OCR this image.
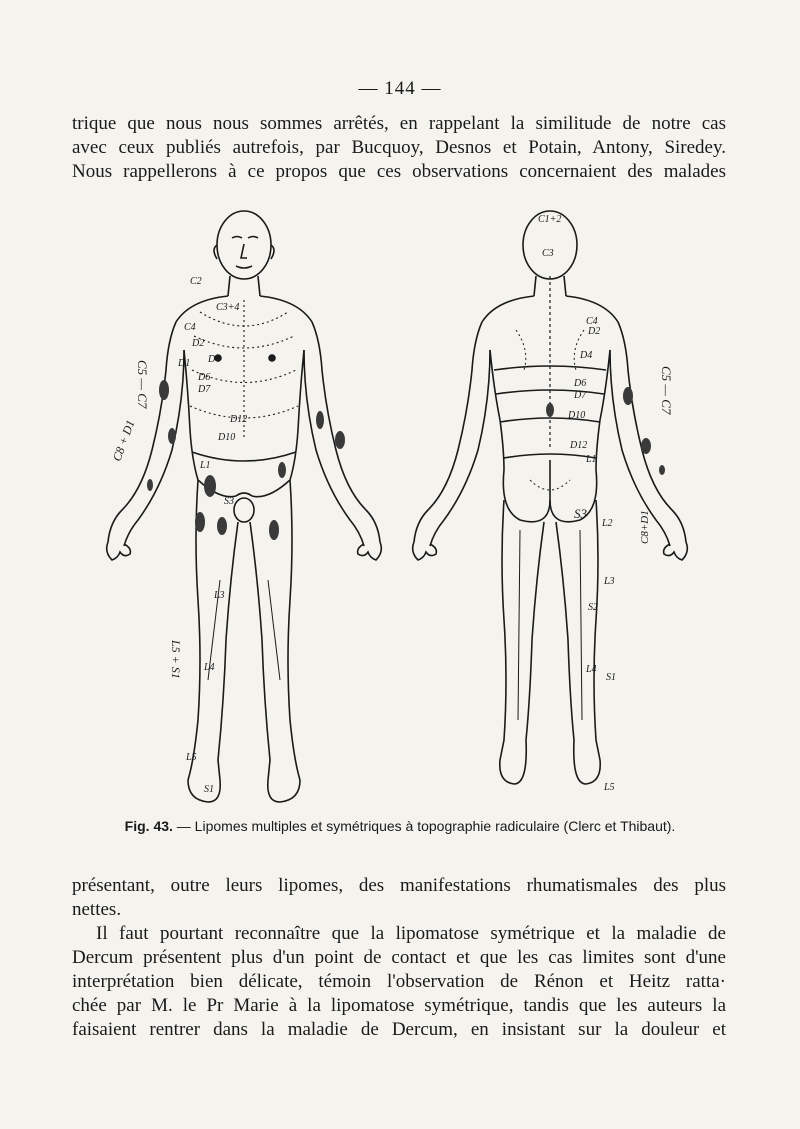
— 144 —

trique que nous nous sommes arrêtés, en rappelant la similitude de notre cas
avec ceux publiés autrefois, par Bucquoy, Desnos et Potain, Antony, Siredey.
Nous rappellerons à ce propos que ces observations concernaient des malades

C2
C3+4
C4
D2
D4
D6
D7
D10
D1
L1
S3
L3
L4
L5
S1
C5 — C7
C8 + D1
L5 + S1
D12
C1+2
C3
C4
D2
D4
D6
D7
D10
D12
L1
S3
L2
L3
S2
L4
S1
L5
C5 — C7
C8+D1
Fig. 43. — Lipomes multiples et symétriques à topographie radiculaire (Clerc et Thibaut).

présentant, outre leurs lipomes, des manifestations rhumatismales des plus
nettes.

Il faut pourtant reconnaître que la lipomatose symétrique et la maladie de
Dercum présentent plus d'un point de contact et que les cas limites sont d'une
interprétation bien délicate, témoin l'observation de Rénon et Heitz ratta·
chée par M. le Pr Marie à la lipomatose symétrique, tandis que les auteurs la
faisaient rentrer dans la maladie de Dercum, en insistant sur la douleur et
